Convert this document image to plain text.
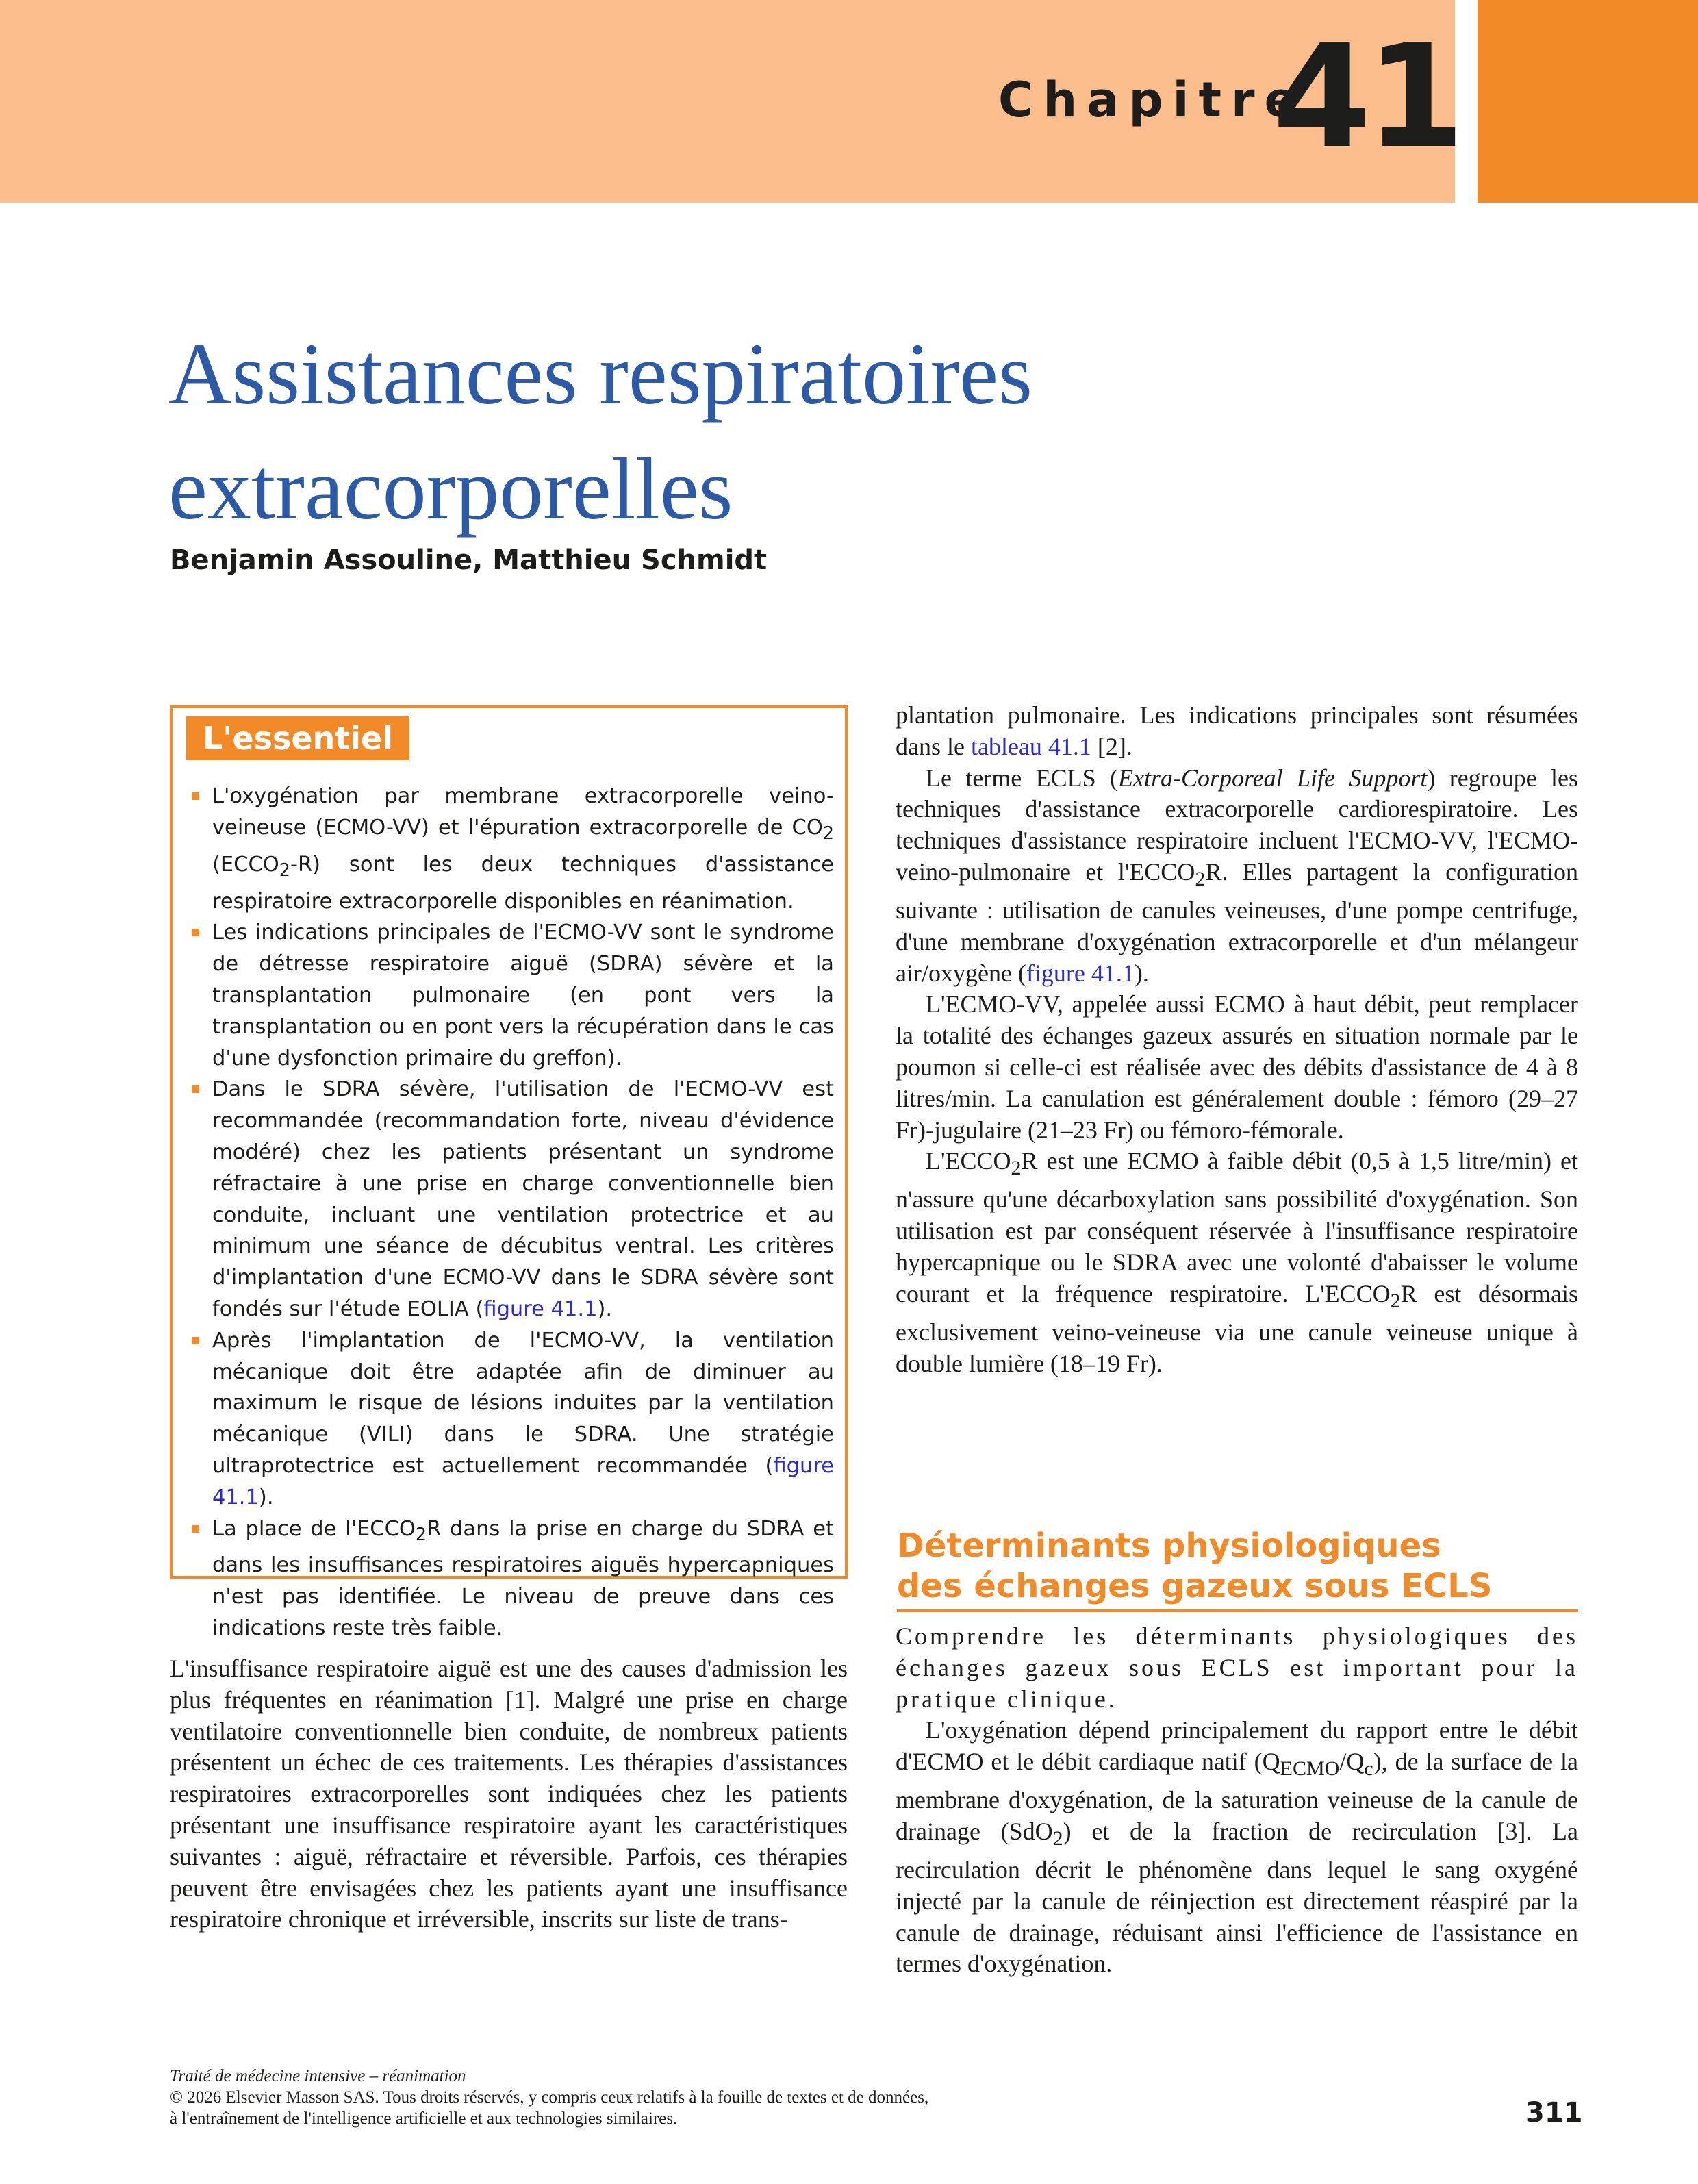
Chapitre
41
Assistances respiratoires
extracorporelles
Benjamin Assouline, Matthieu Schmidt
L'essentiel
L'oxygénation par membrane extracorporelle veino-veineuse (ECMO-VV) et l'épuration extracorporelle de $CO_2$ $(ECCO_2-R)$ sont les deux techniques d'assistance respiratoire extracorporelle disponibles en réanimation.
Les indications principales de l'ECMO-VV sont le syndrome de détresse respiratoire aiguë (SDRA) sévère et la transplantation pulmonaire (en pont vers la transplantation ou en pont vers la récupération dans le cas d'une dysfonction primaire du greffon).
Dans le SDRA sévère, l'utilisation de l'ECMO-VV est recommandée (recommandation forte, niveau d'évidence modéré) chez les patients présentant un syndrome réfractaire à une prise en charge conventionnelle bien conduite, incluant une ventilation protectrice et au minimum une séance de décubitus ventral. Les critères d'implantation d'une ECMO-VV dans le SDRA sévère sont fondés sur l'étude EOLIA (figure 41.1).
Après l'implantation de l'ECMO-VV, la ventilation mécanique doit être adaptée afin de diminuer au maximum le risque de lésions induites par la ventilation mécanique (VILI) dans le SDRA. Une stratégie ultraprotectrice est actuellement recommandée (figure 41.1).
La place de $l'ECCO_2R$ dans la prise en charge du SDRA et dans les insuffisances respiratoires aiguës hypercapniques n'est pas identifiée. Le niveau de preuve dans ces indications reste très faible.

L'insuffisance respiratoire aiguë est une des causes d'admission les plus fréquentes en réanimation [1]. Malgré une prise en charge ventilatoire conventionnelle bien conduite, de nombreux patients présentent un échec de ces traitements. Les thérapies d'assistances respiratoires extracorporelles sont indiquées chez les patients présentant une insuffisance respiratoire ayant les caractéristiques suivantes : aiguë, réfractaire et réversible. Parfois, ces thérapies peuvent être envisagées chez les patients ayant une insuffisance respiratoire chronique et irréversible, inscrits sur liste de trans-

plantation pulmonaire. Les indications principales sont résumées dans le tableau 41.1 [2].

Le terme ECLS (Extra-Corporeal Life Support) regroupe les techniques d'assistance extracorporelle cardiorespiratoire. Les techniques d'assistance respiratoire incluent l'ECMO-VV, l'ECMO-veino-pulmonaire et $l'ECCO_2R$. Elles partagent la configuration suivante : utilisation de canules veineuses, d'une pompe centrifuge, d'une membrane d'oxygénation extracorporelle et d'un mélangeur air/oxygène (figure 41.1).

L'ECMO-VV, appelée aussi ECMO à haut débit, peut remplacer la totalité des échanges gazeux assurés en situation normale par le poumon si celle-ci est réalisée avec des débits d'assistance de 4 à 8 litres/min. La canulation est généralement double : fémoro (29–27 Fr)-jugulaire (21–23 Fr) ou fémoro-fémorale.

$L'ECCO_2R$ est une ECMO à faible débit (0,5 à 1,5 litre/min) et n'assure qu'une décarboxylation sans possibilité d'oxygénation. Son utilisation est par conséquent réservée à l'insuffisance respiratoire hypercapnique ou le SDRA avec une volonté d'abaisser le volume courant et la fréquence respiratoire. $L'ECCO_2R$ est désormais exclusivement veino-veineuse via une canule veineuse unique à double lumière (18–19 Fr).

Déterminants physiologiques

des échanges gazeux sous ECLS

Comprendre les déterminants physiologiques des échanges gazeux sous ECLS est important pour la pratique clinique.

L'oxygénation dépend principalement du rapport entre le débit d'ECMO et le débit cardiaque natif $(Q_{ECMO}/Q_c)$, de la surface de la membrane d'oxygénation, de la saturation veineuse de la canule de drainage (SdO$_2$) et de la fraction de recirculation [3]. La recirculation décrit le phénomène dans lequel le sang oxygéné injecté par la canule de réinjection est directement réaspiré par la canule de drainage, réduisant ainsi l'efficience de l'assistance en termes d'oxygénation.

Traité de médecine intensive – réanimation
© 2026 Elsevier Masson SAS. Tous droits réservés, y compris ceux relatifs à la fouille de textes et de données,
à l'entraînement de l'intelligence artificielle et aux technologies similaires.	311
